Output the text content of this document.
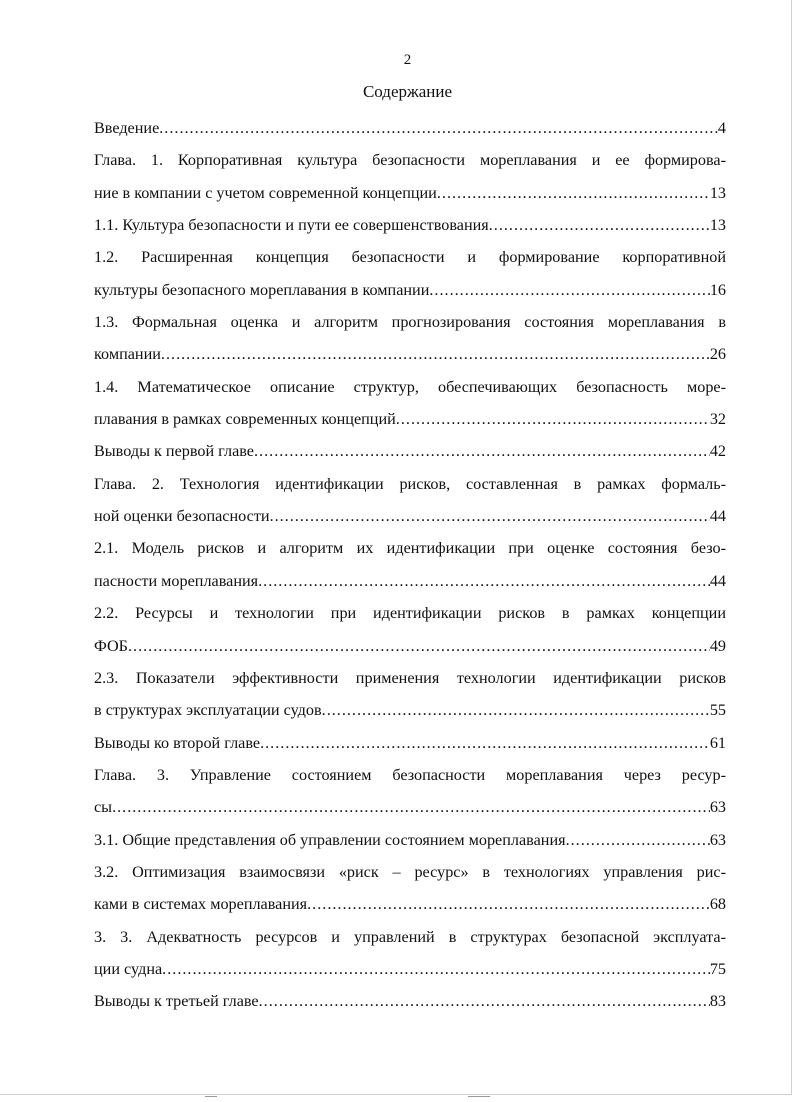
2
Содержание
Введение .....	4
Глава. 1. Корпоративная культура безопасности мореплавания и ее формирова-
ние в компании с учетом современной концепции .....	13
1.1. Культура безопасности и пути ее совершенствования .....	13
1.2. Расширенная концепция безопасности и формирование корпоративной
культуры безопасного мореплавания в компании .....	16
1.3. Формальная оценка и алгоритм прогнозирования состояния мореплавания в
компании .....	26
1.4. Математическое описание структур, обеспечивающих безопасность море-
плавания в рамках современных концепций .....	32
Выводы к первой главе .....	42
Глава. 2. Технология идентификации рисков, составленная в рамках формаль-
ной оценки безопасности .....	44
2.1. Модель рисков и алгоритм их идентификации при оценке состояния безо-
пасности мореплавания .....	44
2.2. Ресурсы и технологии при идентификации рисков в рамках концепции
ФОБ .....	49
2.3. Показатели эффективности применения технологии идентификации рисков
в структурах эксплуатации судов .....	55
Выводы ко второй главе .....	61
Глава. 3. Управление состоянием безопасности мореплавания через ресур-
сы .....	63
3.1. Общие представления об управлении состоянием мореплавания .....	63
3.2. Оптимизация взаимосвязи «риск – ресурс» в технологиях управления рис-
ками в системах мореплавания .....	68
3. 3. Адекватность ресурсов и управлений в структурах безопасной эксплуата-
ции судна .....	75
Выводы к третьей главе .....	83
